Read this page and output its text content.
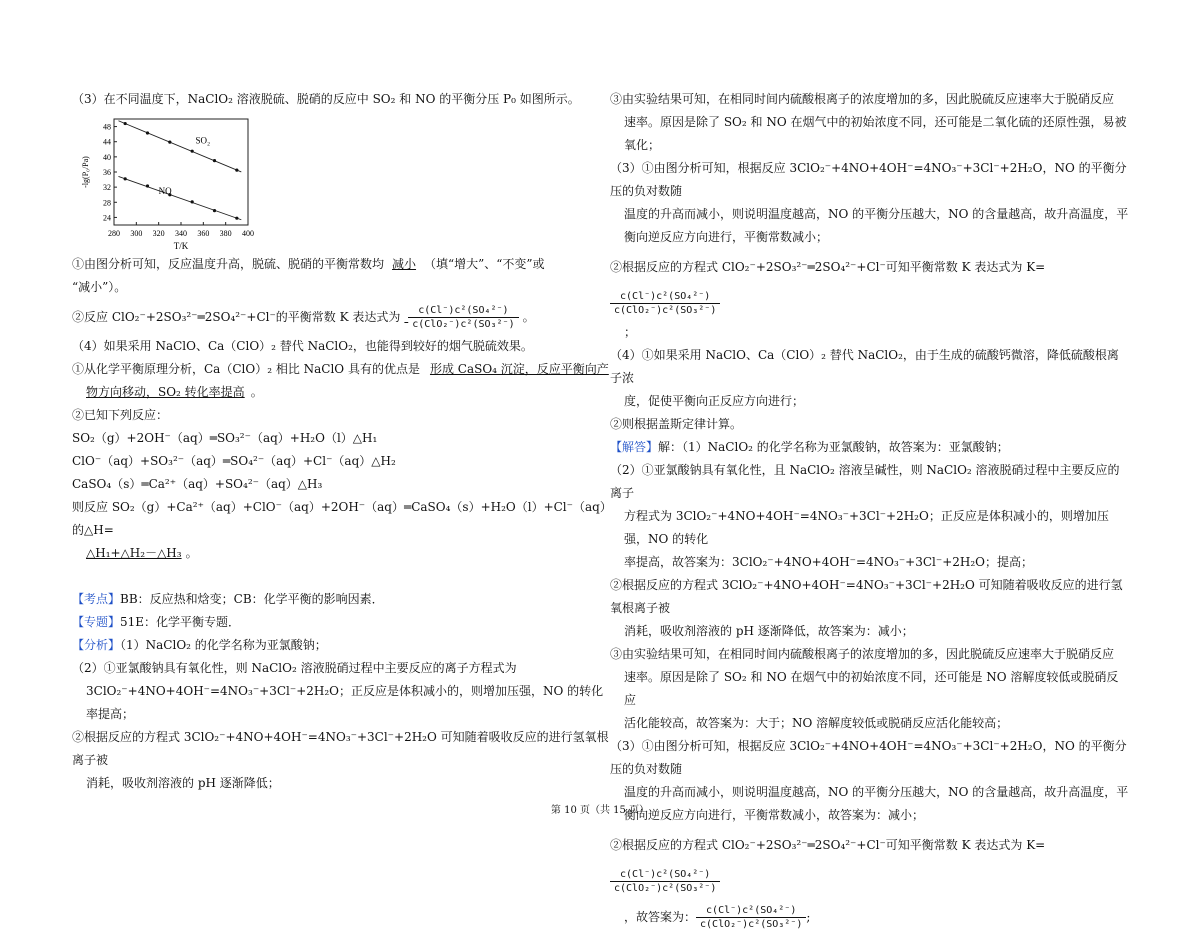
（3）在不同温度下，NaClO₂ 溶液脱硫、脱硝的反应中 SO₂ 和 NO 的平衡分压 P₀ 如图所示。

280 300 320 340 360 380 400
24
28
32
36
40
44
48
T/K
-lg(P₀/Pa)
SO₂
NO

①由图分析可知，反应温度升高，脱硫、脱硝的平衡常数均 减小 （填“增大”、“不变”或

“减小”）。

②反应 ClO₂⁻+2SO₃²⁻═2SO₄²⁻+Cl⁻的平衡常数 K 表达式为 $\frac{\text{c(Cl⁻)c²(SO₄²⁻)}}{\text{c(ClO₂⁻)c²(SO₃²⁻)}}$ 。

（4）如果采用 NaClO、Ca（ClO）₂ 替代 NaClO₂，也能得到较好的烟气脱硫效果。

①从化学平衡原理分析，Ca（ClO）₂ 相比 NaClO 具有的优点是 形成 CaSO₄ 沉淀，反应平衡向产

物方向移动，SO₂ 转化率提高 。

②已知下列反应：

SO₂（g）+2OH⁻（aq）═SO₃²⁻（aq）+H₂O（l）△H₁

ClO⁻（aq）+SO₃²⁻（aq）═SO₄²⁻（aq）+Cl⁻（aq）△H₂

CaSO₄（s）═Ca²⁺（aq）+SO₄²⁻（aq）△H₃

则反应 SO₂（g）+Ca²⁺（aq）+ClO⁻（aq）+2OH⁻（aq）═CaSO₄（s）+H₂O（l）+Cl⁻（aq）的△H=

△H₁+△H₂－△H₃ 。

【考点】BB：反应热和焓变；CB：化学平衡的影响因素．

【专题】51E：化学平衡专题．

【分析】（1）NaClO₂ 的化学名称为亚氯酸钠；

（2）①亚氯酸钠具有氧化性，则 NaClO₂ 溶液脱硝过程中主要反应的离子方程式为

3ClO₂⁻+4NO+4OH⁻=4NO₃⁻+3Cl⁻+2H₂O；正反应是体积减小的，则增加压强，NO 的转化率提高；

②根据反应的方程式 3ClO₂⁻+4NO+4OH⁻=4NO₃⁻+3Cl⁻+2H₂O 可知随着吸收反应的进行氢氧根离子被

消耗，吸收剂溶液的 pH 逐渐降低；

③由实验结果可知，在相同时间内硫酸根离子的浓度增加的多，因此脱硫反应速率大于脱硝反应

速率。原因是除了 SO₂ 和 NO 在烟气中的初始浓度不同，还可能是二氧化硫的还原性强，易被

氧化；

（3）①由图分析可知，根据反应 3ClO₂⁻+4NO+4OH⁻=4NO₃⁻+3Cl⁻+2H₂O，NO 的平衡分压的负对数随

温度的升高而减小，则说明温度越高，NO 的平衡分压越大，NO 的含量越高，故升高温度，平

衡向逆反应方向进行，平衡常数减小；

②根据反应的方程式 ClO₂⁻+2SO₃²⁻═2SO₄²⁻+Cl⁻可知平衡常数 K 表达式为 K=
$\frac{\text{c(Cl⁻)c²(SO₄²⁻)}}{\text{c(ClO₂⁻)c²(SO₃²⁻)}}$

；

（4）①如果采用 NaClO、Ca（ClO）₂ 替代 NaClO₂，由于生成的硫酸钙微溶，降低硫酸根离子浓

度，促使平衡向正反应方向进行；

②则根据盖斯定律计算。

【解答】解：（1）NaClO₂ 的化学名称为亚氯酸钠，故答案为：亚氯酸钠；

（2）①亚氯酸钠具有氧化性，且 NaClO₂ 溶液呈碱性，则 NaClO₂ 溶液脱硝过程中主要反应的离子

方程式为 3ClO₂⁻+4NO+4OH⁻=4NO₃⁻+3Cl⁻+2H₂O；正反应是体积减小的，则增加压强，NO 的转化

率提高，故答案为：3ClO₂⁻+4NO+4OH⁻=4NO₃⁻+3Cl⁻+2H₂O；提高；

②根据反应的方程式 3ClO₂⁻+4NO+4OH⁻=4NO₃⁻+3Cl⁻+2H₂O 可知随着吸收反应的进行氢氧根离子被

消耗，吸收剂溶液的 pH 逐渐降低，故答案为：减小；

③由实验结果可知，在相同时间内硫酸根离子的浓度增加的多，因此脱硫反应速率大于脱硝反应

速率。原因是除了 SO₂ 和 NO 在烟气中的初始浓度不同，还可能是 NO 溶解度较低或脱硝反应

活化能较高，故答案为：大于；NO 溶解度较低或脱硝反应活化能较高；

（3）①由图分析可知，根据反应 3ClO₂⁻+4NO+4OH⁻=4NO₃⁻+3Cl⁻+2H₂O，NO 的平衡分压的负对数随

温度的升高而减小，则说明温度越高，NO 的平衡分压越大，NO 的含量越高，故升高温度，平

衡向逆反应方向进行，平衡常数减小，故答案为：减小；

②根据反应的方程式 ClO₂⁻+2SO₃²⁻═2SO₄²⁻+Cl⁻可知平衡常数 K 表达式为 K=
$\frac{\text{c(Cl⁻)c²(SO₄²⁻)}}{\text{c(ClO₂⁻)c²(SO₃²⁻)}}$

，故答案为： $\frac{\text{c(Cl⁻)c²(SO₄²⁻)}}{\text{c(ClO₂⁻)c²(SO₃²⁻)}}$ ;

第 10 页（共 15 页）
